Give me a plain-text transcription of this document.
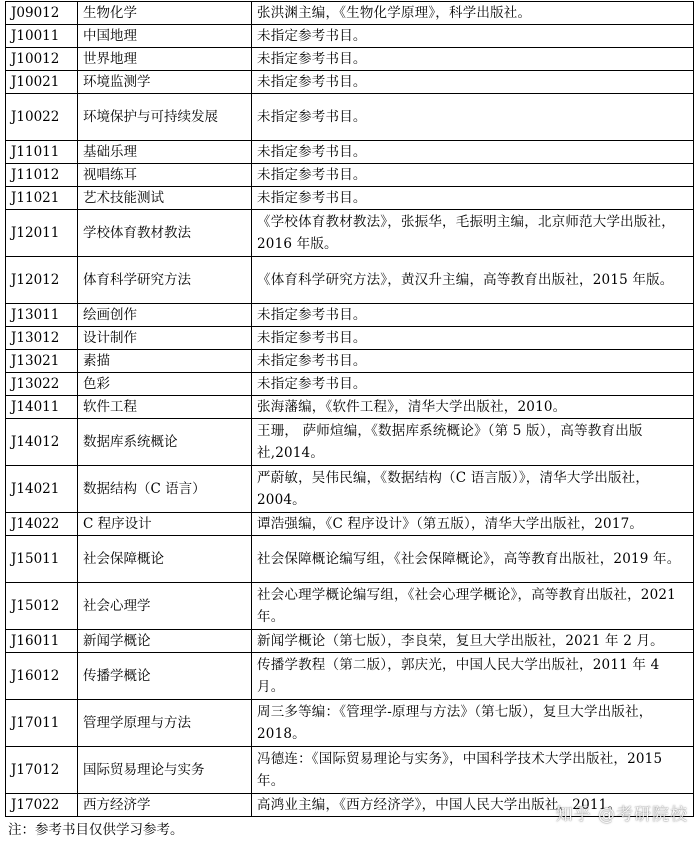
J09012	生物化学	张洪渊主编，《生物化学原理》，科学出版社。
J10011	中国地理	未指定参考书目。
J10012	世界地理	未指定参考书目。
J10021	环境监测学	未指定参考书目。
J10022	环境保护与可持续发展	未指定参考书目。
J11011	基础乐理	未指定参考书目。
J11012	视唱练耳	未指定参考书目。
J11021	艺术技能测试	未指定参考书目。
J12011	学校体育教材教法	《学校体育教材教法》，张振华，毛振明主编，北京师范大学出版社，2016 年版。
J12012	体育科学研究方法	《体育科学研究方法》，黄汉升主编，高等教育出版社，2015 年版。
J13011	绘画创作	未指定参考书目。
J13012	设计制作	未指定参考书目。
J13021	素描	未指定参考书目。
J13022	色彩	未指定参考书目。
J14011	软件工程	张海藩编，《软件工程》，清华大学出版社，2010。
J14012	数据库系统概论	王珊， 萨师煊编，《数据库系统概论》（第 5 版），高等教育出版社,2014。
J14021	数据结构（C 语言）	严蔚敏，吴伟民编，《数据结构（C 语言版）》，清华大学出版社，2004。
J14022	C 程序设计	谭浩强编，《C 程序设计》（第五版），清华大学出版社，2017。
J15011	社会保障概论	社会保障概论编写组，《社会保障概论》，高等教育出版社，2019 年。
J15012	社会心理学	社会心理学概论编写组，《社会心理学概论》，高等教育出版社，2021 年。
J16011	新闻学概论	新闻学概论（第七版），李良荣，复旦大学出版社，2021 年 2 月。
J16012	传播学概论	传播学教程（第二版），郭庆光，中国人民大学出版社，2011 年 4 月。
J17011	管理学原理与方法	周三多等编：《管理学-原理与方法》（第七版），复旦大学出版社，2018。
J17012	国际贸易理论与实务	冯德连：《国际贸易理论与实务》，中国科学技术大学出版社，2015 年。
J17022	西方经济学	高鸿业主编，《西方经济学》，中国人民大学出版社，2011。
注：参考书目仅供学习参考。
知乎 @考研院校
